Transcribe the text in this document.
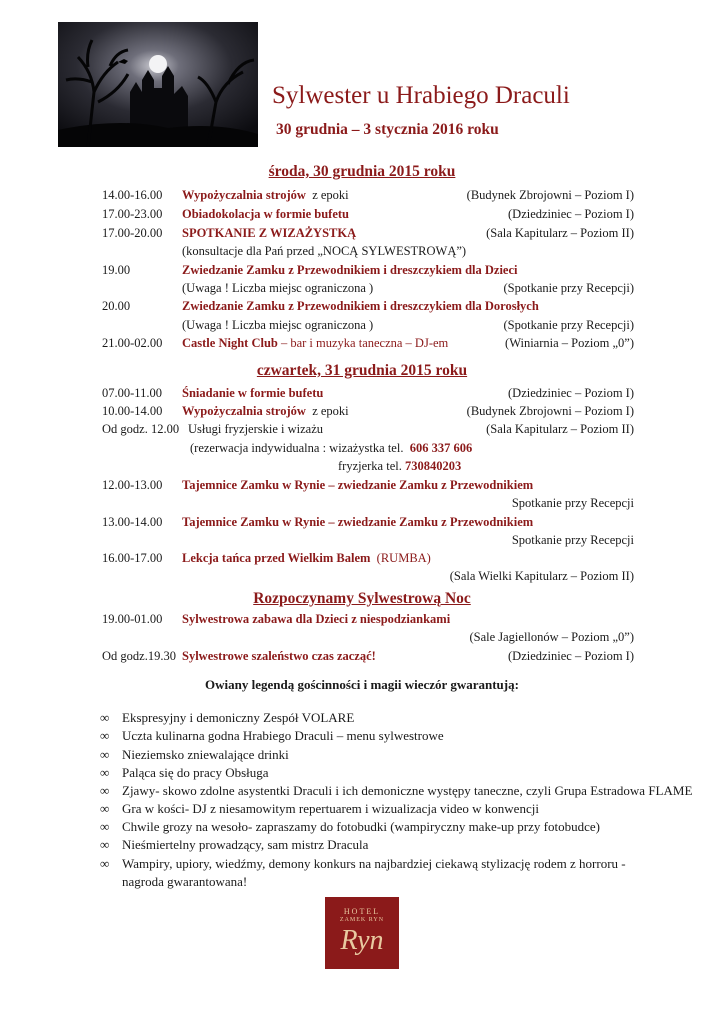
Sylwester u Hrabiego Draculi
30 grudnia – 3 stycznia 2016 roku
środa, 30 grudnia 2015 roku
14.00-16.00 Wypożyczalnia strojów z epoki	(Budynek Zbrojowni – Poziom I)
17.00-23.00 Obiadokolacja w formie bufetu	(Dziedziniec – Poziom I)
17.00-20.00 SPOTKANIE Z WIZAŻYSTKĄ	(Sala Kapitularz – Poziom II)
(konsultacje dla Pań przed „NOCĄ SYLWESTROWĄ”)
19.00	Zwiedzanie Zamku z Przewodnikiem i dreszczykiem dla Dzieci
(Uwaga ! Liczba miejsc ograniczona )	(Spotkanie przy Recepcji)
20.00	Zwiedzanie Zamku z Przewodnikiem i dreszczykiem dla Dorosłych
(Uwaga ! Liczba miejsc ograniczona )	(Spotkanie przy Recepcji)
21.00-02.00 Castle Night Club – bar i muzyka taneczna – DJ-em	(Winiarnia – Poziom „0”)
czwartek, 31 grudnia 2015 roku
07.00-11.00 Śniadanie w formie bufetu	(Dziedziniec – Poziom I)
10.00-14.00 Wypożyczalnia strojów z epoki	(Budynek Zbrojowni – Poziom I)
Od godz. 12.00 Usługi fryzjerskie i wizażu	(Sala Kapitularz – Poziom II)
(rezerwacja indywidualna : wizażystka tel. 606 337 606
fryzjerka tel. 730840203
12.00-13.00 Tajemnice Zamku w Rynie – zwiedzanie Zamku z Przewodnikiem
Spotkanie przy Recepcji
13.00-14.00 Tajemnice Zamku w Rynie – zwiedzanie Zamku z Przewodnikiem
Spotkanie przy Recepcji
16.00-17.00 Lekcja tańca przed Wielkim Balem (RUMBA)
(Sala Wielki Kapitularz – Poziom II)
Rozpoczynamy Sylwestrową Noc
19.00-01.00 Sylwestrowa zabawa dla Dzieci z niespodziankami
(Sale Jagiellonów – Poziom „0”)
Od godz.19.30 Sylwestrowe szaleństwo czas zacząć!	(Dziedziniec – Poziom I)
Owiany legendą gościnności i magii wieczór gwarantują:
∞ Ekspresyjny i demoniczny Zespół VOLARE
∞ Uczta kulinarna godna Hrabiego Draculi – menu sylwestrowe
∞ Nieziemsko zniewalające drinki
∞ Paląca się do pracy Obsługa
∞ Zjawy- skowo zdolne asystentki Draculi i ich demoniczne występy taneczne, czyli Grupa Estradowa FLAME
∞ Gra w kości- DJ z niesamowitym repertuarem i wizualizacja video w konwencji
∞ Chwile grozy na wesoło- zapraszamy do fotobudki (wampiryczny make-up przy fotobudce)
∞ Nieśmiertelny prowadzący, sam mistrz Dracula
∞ Wampiry, upiory, wiedźmy, demony konkurs na najbardziej ciekawą stylizację rodem z horroru -
nagroda gwarantowana!
HOTEL
ZAMEK RYN
Ryn
